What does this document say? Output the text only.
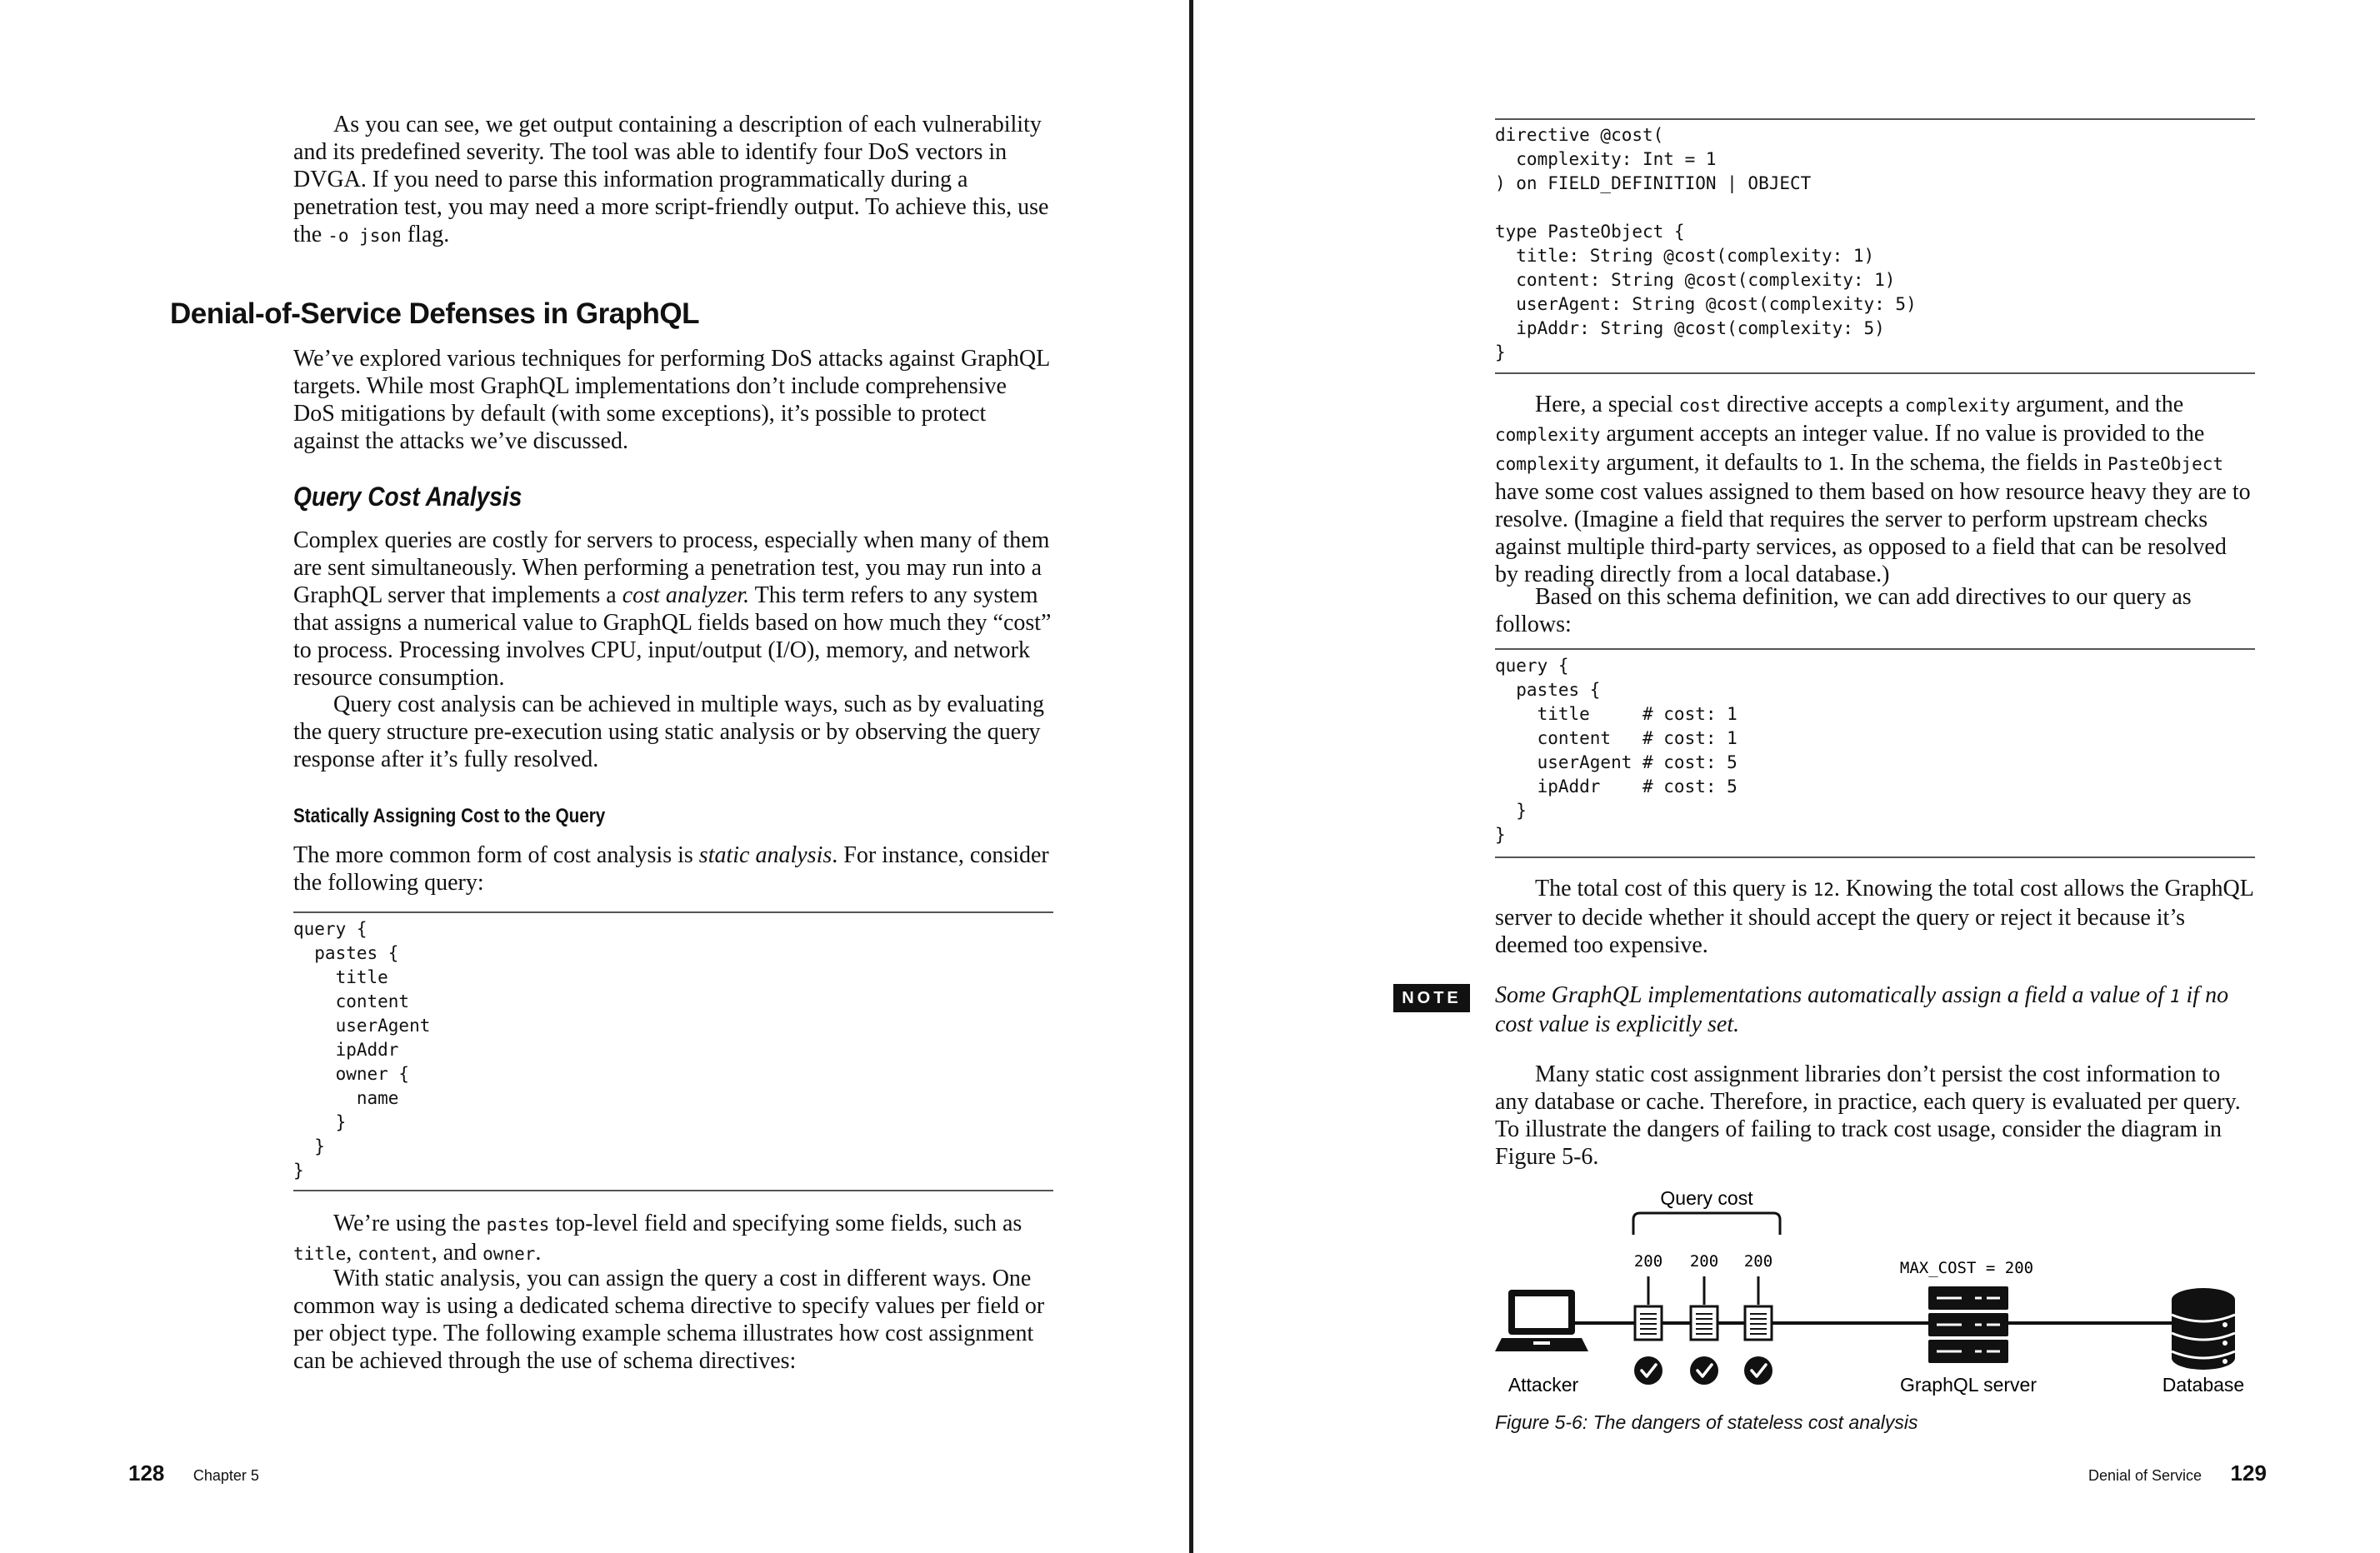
As you can see, we get output containing a description of each vulnerability and its predefined severity. The tool was able to identify four DoS vectors in DVGA. If you need to parse this information programmatically during a penetration test, you may need a more script-friendly output. To achieve this, use the -o json flag.

Denial-of-Service Defenses in GraphQL

We’ve explored various techniques for performing DoS attacks against GraphQL targets. While most GraphQL implementations don’t include comprehensive DoS mitigations by default (with some exceptions), it’s possible to protect against the attacks we’ve discussed.

Query Cost Analysis

Complex queries are costly for servers to process, especially when many of them are sent simultaneously. When performing a penetration test, you may run into a GraphQL server that implements a cost analyzer. This term refers to any system that assigns a numerical value to GraphQL fields based on how much they “cost” to process. Processing involves CPU, input/output (I/O), memory, and network resource consumption.

Query cost analysis can be achieved in multiple ways, such as by evaluating the query structure pre-execution using static analysis or by observing the query response after it’s fully resolved.

Statically Assigning Cost to the Query

The more common form of cost analysis is static analysis. For instance, consider the following query:

query {
pastes {
title
content
userAgent
ipAddr
owner {
name
}
}
}

We’re using the pastes top-level field and specifying some fields, such as title, content, and owner.

With static analysis, you can assign the query a cost in different ways. One common way is using a dedicated schema directive to specify values per field or per object type. The following example schema illustrates how cost assignment can be achieved through the use of schema directives:

128 Chapter 5
directive @cost(
complexity: Int = 1
) on FIELD_DEFINITION | OBJECT

type PasteObject {
title: String @cost(complexity: 1)
content: String @cost(complexity: 1)
userAgent: String @cost(complexity: 5)
ipAddr: String @cost(complexity: 5)
}

Here, a special cost directive accepts a complexity argument, and the complexity argument accepts an integer value. If no value is provided to the complexity argument, it defaults to 1. In the schema, the fields in PasteObject have some cost values assigned to them based on how resource heavy they are to resolve. (Imagine a field that requires the server to perform upstream checks against multiple third-party services, as opposed to a field that can be resolved by reading directly from a local database.)

Based on this schema definition, we can add directives to our query as follows:

query {
pastes {
title     # cost: 1
content   # cost: 1
userAgent # cost: 5
ipAddr    # cost: 5
}
}

The total cost of this query is 12. Knowing the total cost allows the GraphQL server to decide whether it should accept the query or reject it because it’s deemed too expensive.

NOTE	Some GraphQL implementations automatically assign a field a value of 1 if no cost value is explicitly set.

Many static cost assignment libraries don’t persist the cost information to any database or cache. Therefore, in practice, each query is evaluated per query. To illustrate the dangers of failing to track cost usage, consider the diagram in Figure 5-6.

Query cost
200 200 200
Attacker
MAX_COST = 200
GraphQL server	Database
Figure 5-6: The dangers of stateless cost analysis
Denial of Service 129
